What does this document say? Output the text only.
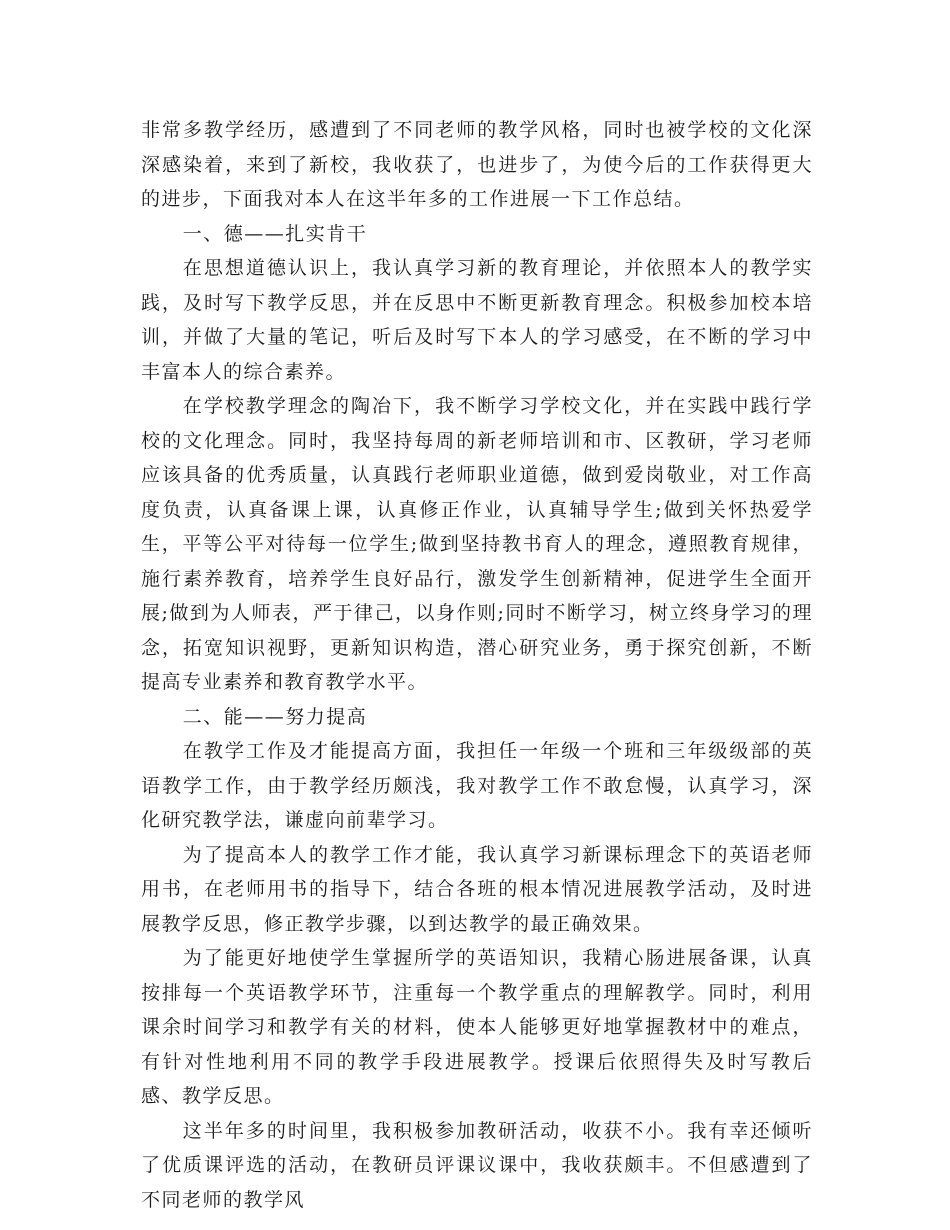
非常多教学经历，感遭到了不同老师的教学风格，同时也被学校的文化深深感染着，来到了新校，我收获了，也进步了，为使今后的工作获得更大的进步，下面我对本人在这半年多的工作进展一下工作总结。

一、德——扎实肯干

在思想道德认识上，我认真学习新的教育理论，并依照本人的教学实践，及时写下教学反思，并在反思中不断更新教育理念。积极参加校本培训，并做了大量的笔记，听后及时写下本人的学习感受，在不断的学习中丰富本人的综合素养。

在学校教学理念的陶冶下，我不断学习学校文化，并在实践中践行学校的文化理念。同时，我坚持每周的新老师培训和市、区教研，学习老师应该具备的优秀质量，认真践行老师职业道德，做到爱岗敬业，对工作高度负责，认真备课上课，认真修正作业，认真辅导学生;做到关怀热爱学生，平等公平对待每一位学生;做到坚持教书育人的理念，遵照教育规律，施行素养教育，培养学生良好品行，激发学生创新精神，促进学生全面开展;做到为人师表，严于律己，以身作则;同时不断学习，树立终身学习的理念，拓宽知识视野，更新知识构造，潜心研究业务，勇于探究创新，不断提高专业素养和教育教学水平。

二、能——努力提高

在教学工作及才能提高方面，我担任一年级一个班和三年级级部的英语教学工作，由于教学经历颇浅，我对教学工作不敢怠慢，认真学习，深化研究教学法，谦虚向前辈学习。

为了提高本人的教学工作才能，我认真学习新课标理念下的英语老师用书，在老师用书的指导下，结合各班的根本情况进展教学活动，及时进展教学反思，修正教学步骤，以到达教学的最正确效果。

为了能更好地使学生掌握所学的英语知识，我精心肠进展备课，认真按排每一个英语教学环节，注重每一个教学重点的理解教学。同时，利用课余时间学习和教学有关的材料，使本人能够更好地掌握教材中的难点，有针对性地利用不同的教学手段进展教学。授课后依照得失及时写教后感、教学反思。

这半年多的时间里，我积极参加教研活动，收获不小。我有幸还倾听了优质课评选的活动，在教研员评课议课中，我收获颇丰。不但感遭到了不同老师的教学风
